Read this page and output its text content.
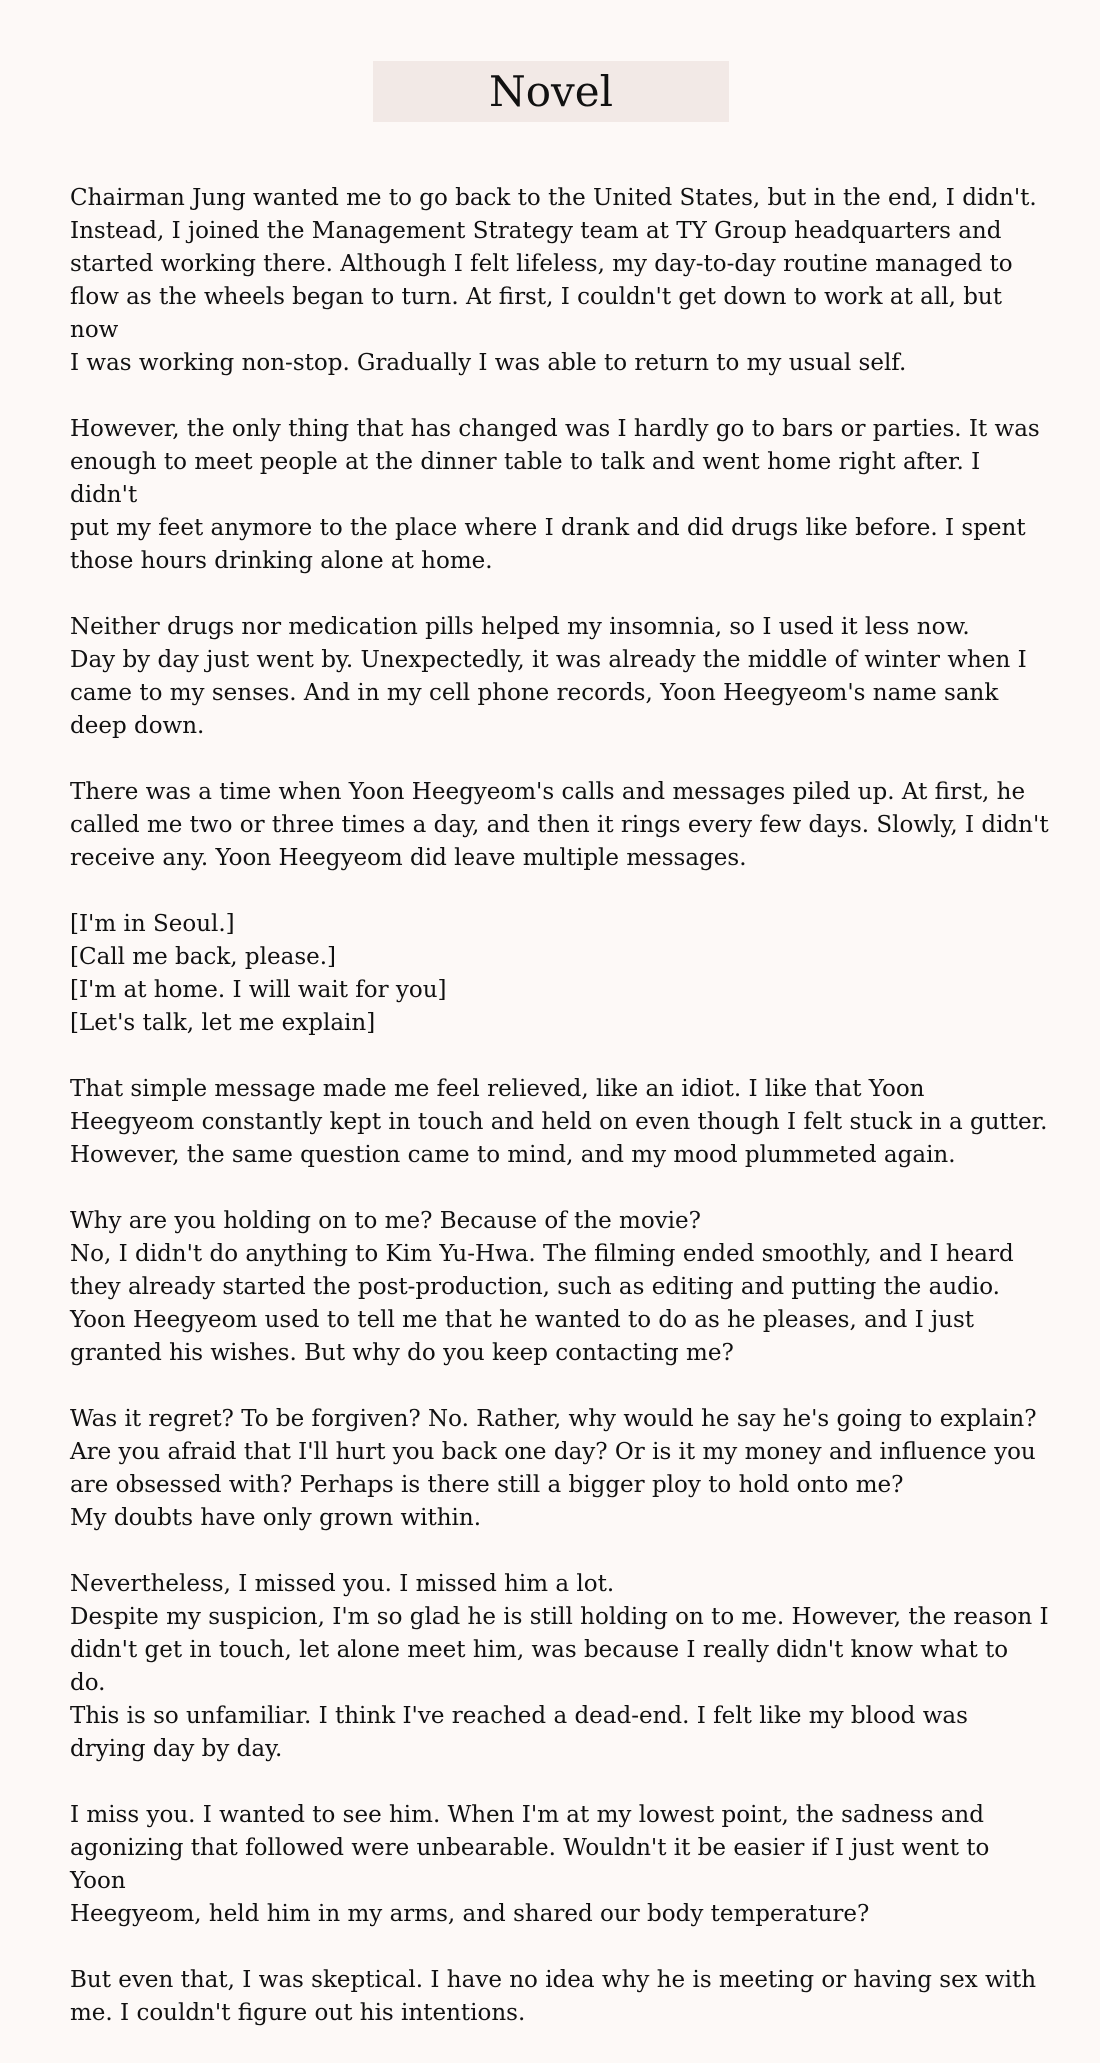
Novel

Chairman Jung wanted me to go back to the United States, but in the end, I didn't.
Instead, I joined the Management Strategy team at TY Group headquarters and
started working there. Although I felt lifeless, my day-to-day routine managed to
flow as the wheels began to turn. At first, I couldn't get down to work at all, but now
I was working non-stop. Gradually I was able to return to my usual self.

However, the only thing that has changed was I hardly go to bars or parties. It was
enough to meet people at the dinner table to talk and went home right after. I didn't
put my feet anymore to the place where I drank and did drugs like before. I spent
those hours drinking alone at home.

Neither drugs nor medication pills helped my insomnia, so I used it less now.
Day by day just went by. Unexpectedly, it was already the middle of winter when I
came to my senses. And in my cell phone records, Yoon Heegyeom's name sank
deep down.

There was a time when Yoon Heegyeom's calls and messages piled up. At first, he
called me two or three times a day, and then it rings every few days. Slowly, I didn't
receive any. Yoon Heegyeom did leave multiple messages.

[I'm in Seoul.]
[Call me back, please.]
[I'm at home. I will wait for you]
[Let's talk, let me explain]

That simple message made me feel relieved, like an idiot. I like that Yoon
Heegyeom constantly kept in touch and held on even though I felt stuck in a gutter.
However, the same question came to mind, and my mood plummeted again.

Why are you holding on to me? Because of the movie?
No, I didn't do anything to Kim Yu-Hwa. The filming ended smoothly, and I heard
they already started the post-production, such as editing and putting the audio.
Yoon Heegyeom used to tell me that he wanted to do as he pleases, and I just
granted his wishes. But why do you keep contacting me?

Was it regret? To be forgiven? No. Rather, why would he say he's going to explain?
Are you afraid that I'll hurt you back one day? Or is it my money and influence you
are obsessed with? Perhaps is there still a bigger ploy to hold onto me?
My doubts have only grown within.

Nevertheless, I missed you. I missed him a lot.
Despite my suspicion, I'm so glad he is still holding on to me. However, the reason I
didn't get in touch, let alone meet him, was because I really didn't know what to do.
This is so unfamiliar. I think I've reached a dead-end. I felt like my blood was
drying day by day.

I miss you. I wanted to see him. When I'm at my lowest point, the sadness and
agonizing that followed were unbearable. Wouldn't it be easier if I just went to Yoon
Heegyeom, held him in my arms, and shared our body temperature?

But even that, I was skeptical. I have no idea why he is meeting or having sex with
me. I couldn't figure out his intentions.
